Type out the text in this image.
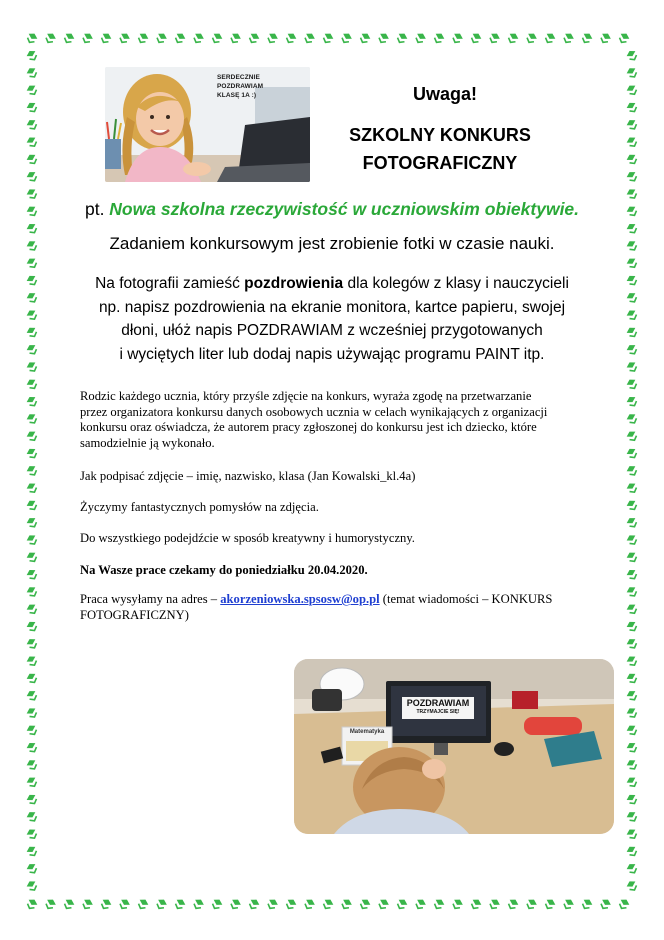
SERDECZNIE POZDRAWIAM
KLASĘ 1A :)	Uwaga!
SZKOLNY KONKURS
FOTOGRAFICZNY
pt. Nowa szkolna rzeczywistość w uczniowskim obiektywie.
Zadaniem konkursowym jest zrobienie fotki w czasie nauki.
Na fotografii zamieść pozdrowienia dla kolegów z klasy i nauczycieli
np. napisz pozdrowienia na ekranie monitora, kartce papieru, swojej
dłoni, ułóż napis POZDRAWIAM z wcześniej przygotowanych
i wyciętych liter lub dodaj napis używając programu PAINT itp.
Rodzic każdego ucznia, który przyśle zdjęcie na konkurs, wyraża zgodę na przetwarzanie
przez organizatora konkursu danych osobowych ucznia w celach wynikających z organizacji
konkursu oraz oświadcza, że autorem pracy zgłoszonej do konkursu jest ich dziecko, które
samodzielnie ją wykonało.
Jak podpisać zdjęcie – imię, nazwisko, klasa (Jan Kowalski_kl.4a)
Życzymy fantastycznych pomysłów na zdjęcia.
Do wszystkiego podejdźcie w sposób kreatywny i humorystyczny.
Na Wasze prace czekamy do poniedziałku 20.04.2020.
Praca wysyłamy na adres – akorzeniowska.spsosw@op.pl (temat wiadomości – KONKURS
FOTOGRAFICZNY)
POZDRAWIAM
TRZYMAJCIE SIĘ!
Matematyka
